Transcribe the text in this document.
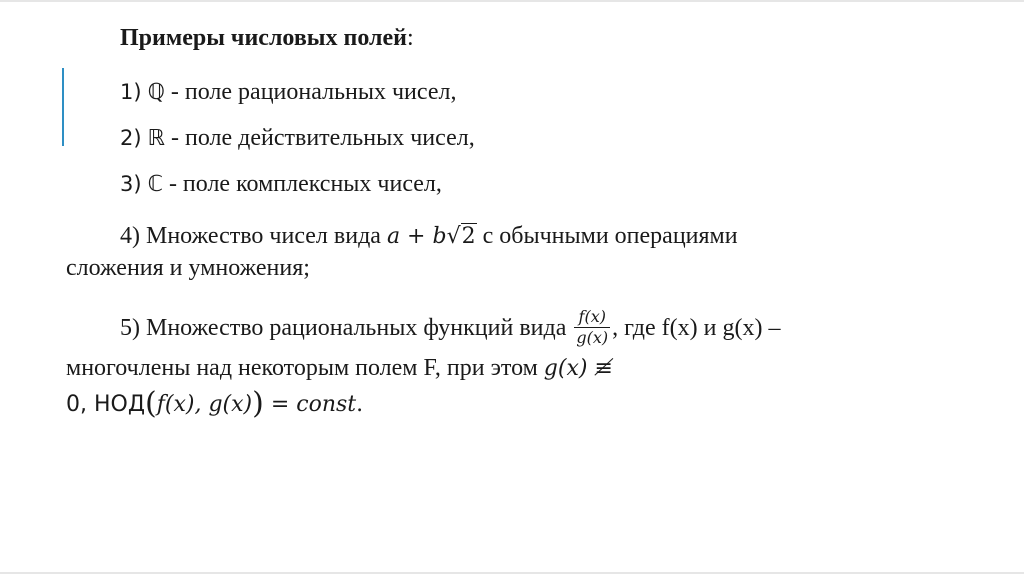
Примеры числовых полей:
1) ℚ - поле рациональных чисел,
2) ℝ - поле действительных чисел,
3) ℂ - поле комплексных чисел,
4) Множество чисел вида a + b√2 с обычными операциями
сложения и умножения;
5) Множество рациональных функций вида $\frac{f(x)}{g(x)}$ , где f(x) и g(x) –
многочлены над некоторым полем F, при этом g(x) ≢
0, НОД(f(x), g(x)) = const.
